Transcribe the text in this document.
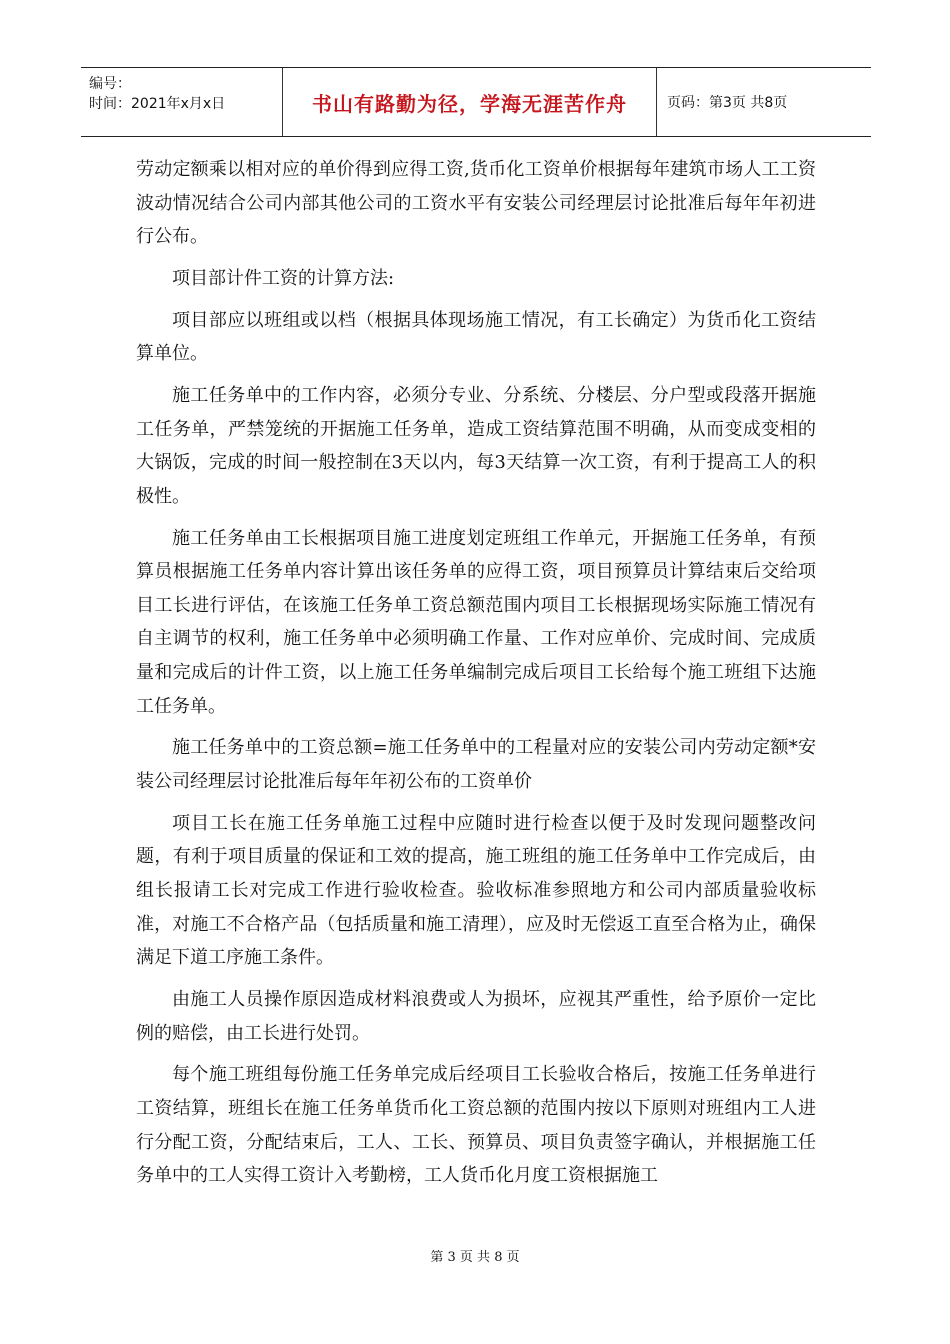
编号：
时间：2021年x月x日	书山有路勤为径，学海无涯苦作舟	页码：第3页 共8页

劳动定额乘以相对应的单价得到应得工资,货币化工资单价根据每年建筑市场人工工资波动情况结合公司内部其他公司的工资水平有安装公司经理层讨论批准后每年年初进行公布。

项目部计件工资的计算方法:

项目部应以班组或以档（根据具体现场施工情况，有工长确定）为货币化工资结算单位。

施工任务单中的工作内容，必须分专业、分系统、分楼层、分户型或段落开据施工任务单，严禁笼统的开据施工任务单，造成工资结算范围不明确，从而变成变相的大锅饭，完成的时间一般控制在3天以内，每3天结算一次工资，有利于提高工人的积极性。

施工任务单由工长根据项目施工进度划定班组工作单元，开据施工任务单，有预算员根据施工任务单内容计算出该任务单的应得工资，项目预算员计算结束后交给项目工长进行评估，在该施工任务单工资总额范围内项目工长根据现场实际施工情况有自主调节的权利，施工任务单中必须明确工作量、工作对应单价、完成时间、完成质量和完成后的计件工资，以上施工任务单编制完成后项目工长给每个施工班组下达施工任务单。

施工任务单中的工资总额=施工任务单中的工程量对应的安装公司内劳动定额*安装公司经理层讨论批准后每年年初公布的工资单价

项目工长在施工任务单施工过程中应随时进行检查以便于及时发现问题整改问题，有利于项目质量的保证和工效的提高，施工班组的施工任务单中工作完成后，由组长报请工长对完成工作进行验收检查。验收标准参照地方和公司内部质量验收标准，对施工不合格产品（包括质量和施工清理），应及时无偿返工直至合格为止，确保满足下道工序施工条件。

由施工人员操作原因造成材料浪费或人为损坏，应视其严重性，给予原价一定比例的赔偿，由工长进行处罚。

每个施工班组每份施工任务单完成后经项目工长验收合格后，按施工任务单进行工资结算，班组长在施工任务单货币化工资总额的范围内按以下原则对班组内工人进行分配工资，分配结束后，工人、工长、预算员、项目负责签字确认，并根据施工任务单中的工人实得工资计入考勤榜，工人货币化月度工资根据施工

第 3 页 共 8 页
